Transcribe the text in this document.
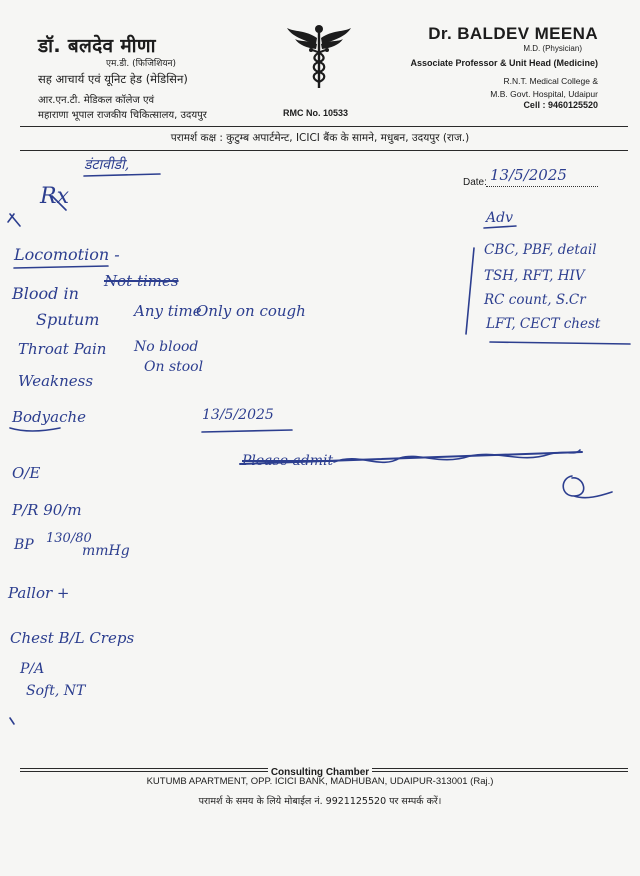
डॉ. बलदेव मीणा
एम.डी. (फिजिशियन)
सह आचार्य एवं यूनिट हेड (मेडिसिन)
आर.एन.टी. मेडिकल कॉलेज एवं
महाराणा भूपाल राजकीय चिकित्सालय, उदयपुर	RMC No. 10533
Dr. BALDEV MEENA
M.D. (Physician)
Associate Professor & Unit Head (Medicine)
R.N.T. Medical College &
M.B. Govt. Hospital, Udaipur
Cell : 9460125520
परामर्श कक्ष : कुटुम्ब अपार्टमेन्ट, ICICI बैंक के सामने, मधुबन, उदयपुर (राज.)
Date: 13/5/2025
डंटावीडी,
Rx
Locomotion -
Blood in
Sputum
Throat Pain
Weakness
Bodyache
O/E
P/R 90/m
BP 130/80
mmHg
Pallor +
Chest B/L Creps
P/A
Soft, NT
Not times
Any time
Only on cough
No blood
On stool
Adv
CBC, PBF, detail
TSH, RFT, HIV
RC count, S.Cr
LFT, CECT chest
13/5/2025
Please admit
Consulting Chamber
KUTUMB APARTMENT, OPP. ICICI BANK, MADHUBAN, UDAIPUR-313001 (Raj.)
परामर्श के समय के लिये मोबाईल नं. 9921125520 पर सम्पर्क करें।
